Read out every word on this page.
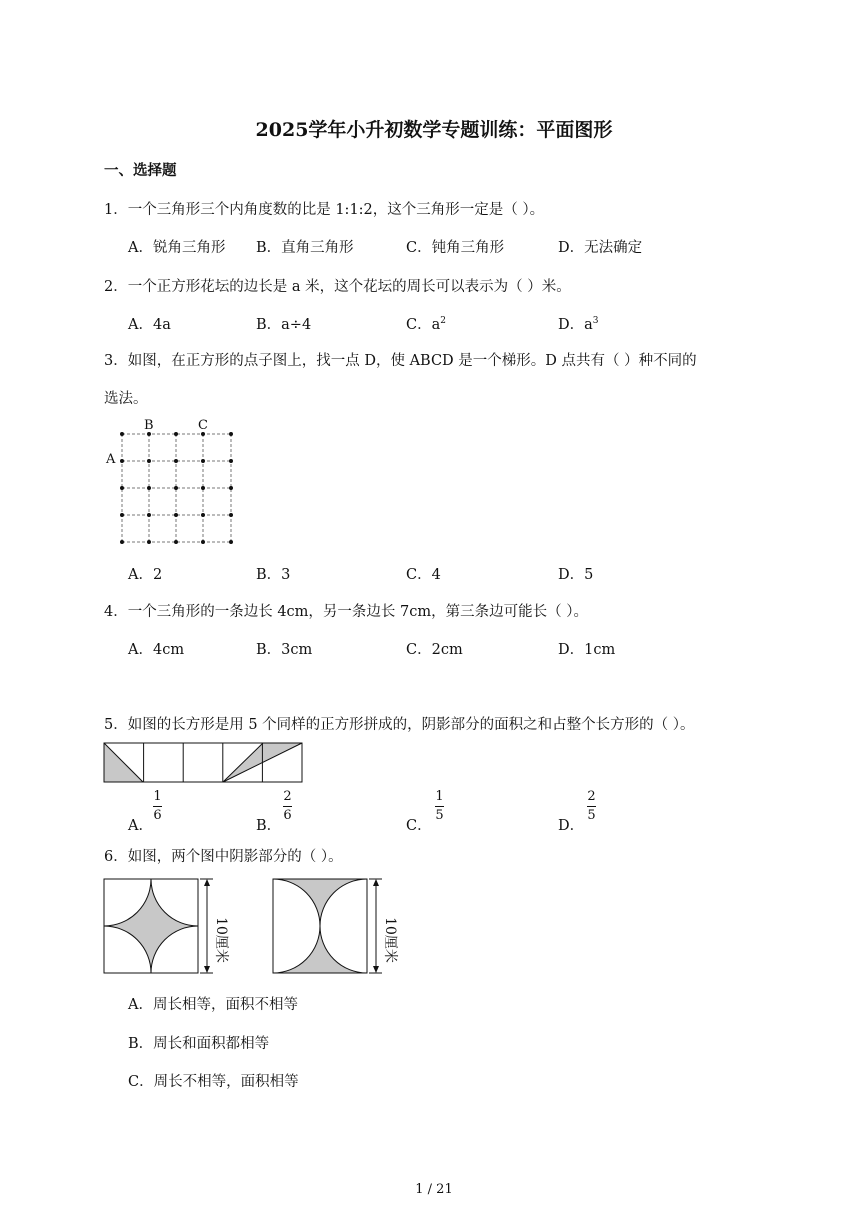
2025学年小升初数学专题训练：平面图形
一、选择题
1．一个三角形三个内角度数的比是 1:1:2，这个三角形一定是（ ）。
A．锐角三角形 B．直角三角形	C．钝角三角形	D．无法确定
2．一个正方形花坛的边长是 a 米，这个花坛的周长可以表示为（ ）米。
A．4a	B．a÷4	C．$a^2$	D．$a^3$
3．如图，在正方形的点子图上，找一点 D，使 ABCD 是一个梯形。D 点共有（ ）种不同的
选法。
A
B	C
A．2	B．3	C．4	D．5
4．一个三角形的一条边长 4cm，另一条边长 7cm，第三条边可能长（ ）。
A．4cm	B．3cm	C．2cm	D．1cm
5．如图的长方形是用 5 个同样的正方形拼成的，阴影部分的面积之和占整个长方形的（ ）。
A．
1
6
B．
2
6
C．
1
5
D．
2
5
6．如图，两个图中阴影部分的（ ）。
10厘米	10厘米
A．周长相等，面积不相等
B．周长和面积都相等
C．周长不相等，面积相等
1 / 21
